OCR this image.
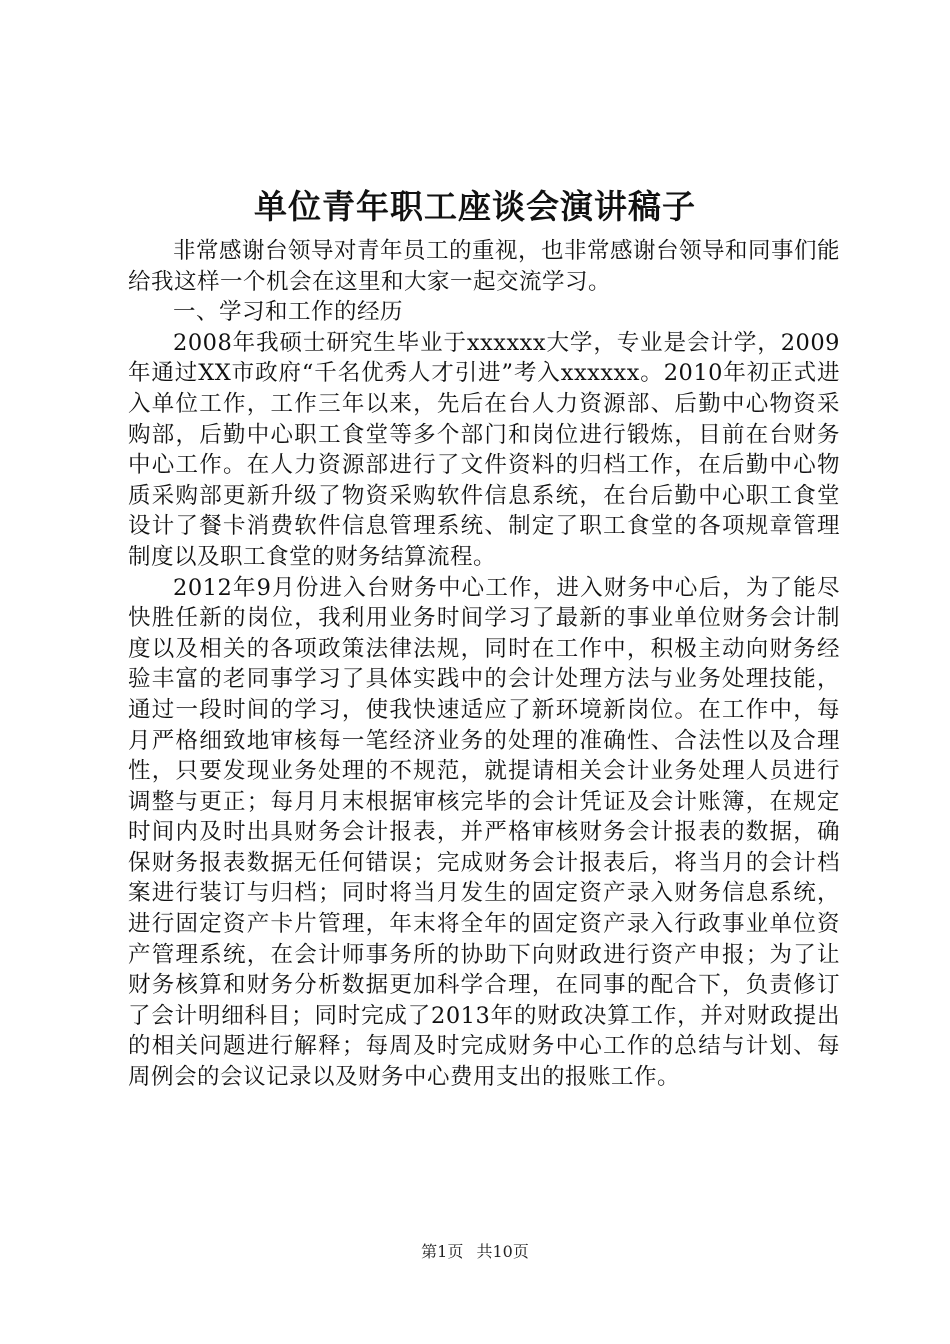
单位青年职工座谈会演讲稿子

非常感谢台领导对青年员工的重视，也非常感谢台领导和同事们能给我这样一个机会在这里和大家一起交流学习。

一、学习和工作的经历

2008年我硕士研究生毕业于xxxxxx大学，专业是会计学，2009年通过XX市政府“千名优秀人才引进”考入xxxxxx。2010年初正式进入单位工作，工作三年以来，先后在台人力资源部、后勤中心物资采购部，后勤中心职工食堂等多个部门和岗位进行锻炼，目前在台财务中心工作。在人力资源部进行了文件资料的归档工作，在后勤中心物质采购部更新升级了物资采购软件信息系统，在台后勤中心职工食堂设计了餐卡消费软件信息管理系统、制定了职工食堂的各项规章管理制度以及职工食堂的财务结算流程。

2012年9月份进入台财务中心工作，进入财务中心后，为了能尽快胜任新的岗位，我利用业务时间学习了最新的事业单位财务会计制度以及相关的各项政策法律法规，同时在工作中，积极主动向财务经验丰富的老同事学习了具体实践中的会计处理方法与业务处理技能，通过一段时间的学习，使我快速适应了新环境新岗位。在工作中，每月严格细致地审核每一笔经济业务的处理的准确性、合法性以及合理性，只要发现业务处理的不规范，就提请相关会计业务处理人员进行调整与更正；每月月末根据审核完毕的会计凭证及会计账簿，在规定时间内及时出具财务会计报表，并严格审核财务会计报表的数据，确保财务报表数据无任何错误；完成财务会计报表后，将当月的会计档案进行装订与归档；同时将当月发生的固定资产录入财务信息系统，进行固定资产卡片管理，年末将全年的固定资产录入行政事业单位资产管理系统，在会计师事务所的协助下向财政进行资产申报；为了让财务核算和财务分析数据更加科学合理，在同事的配合下，负责修订了会计明细科目；同时完成了2013年的财政决算工作，并对财政提出的相关问题进行解释；每周及时完成财务中心工作的总结与计划、每周例会的会议记录以及财务中心费用支出的报账工作。

第1页 共10页
